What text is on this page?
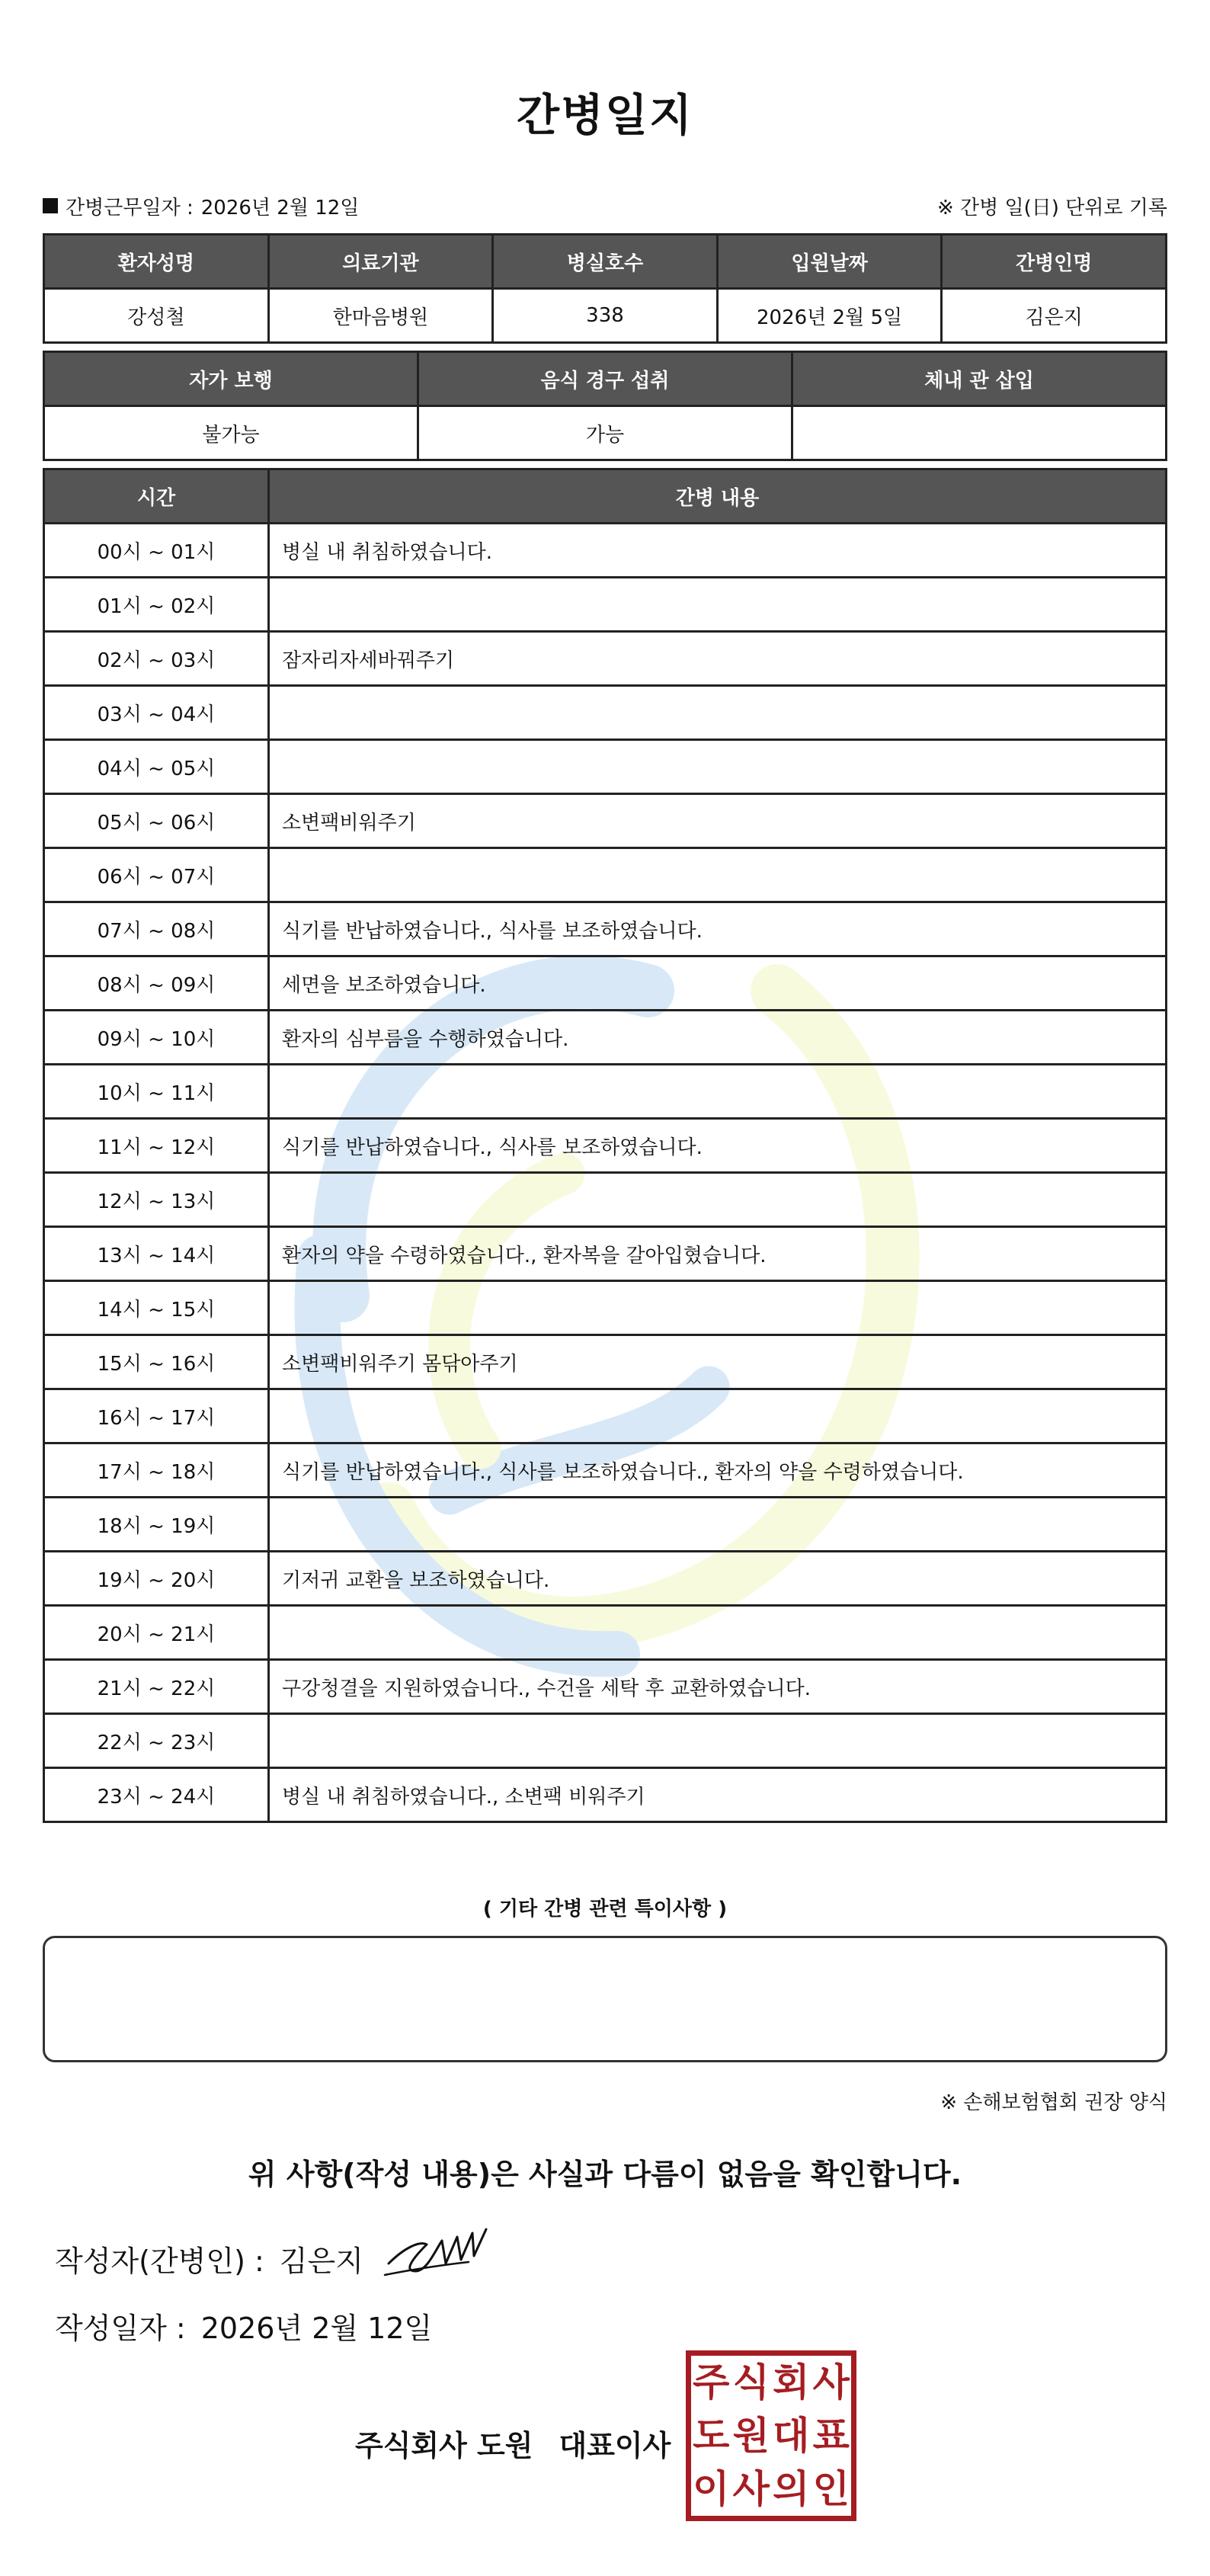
간병일지
간병근무일자 : 2026년 2월 12일	※ 간병 일(日) 단위로 기록
환자성명	의료기관	병실호수	입원날짜	간병인명
강성철	한마음병원	338	2026년 2월 5일	김은지
자가 보행	음식 경구 섭취	체내 관 삽입
불가능	가능	
시간	간병 내용
00시 ~ 01시	병실 내 취침하였습니다.
01시 ~ 02시	
02시 ~ 03시	잠자리자세바꿔주기
03시 ~ 04시	
04시 ~ 05시	
05시 ~ 06시	소변팩비워주기
06시 ~ 07시	
07시 ~ 08시	식기를 반납하였습니다., 식사를 보조하였습니다.
08시 ~ 09시	세면을 보조하였습니다.
09시 ~ 10시	환자의 심부름을 수행하였습니다.
10시 ~ 11시	
11시 ~ 12시	식기를 반납하였습니다., 식사를 보조하였습니다.
12시 ~ 13시	
13시 ~ 14시	환자의 약을 수령하였습니다., 환자복을 갈아입혔습니다.
14시 ~ 15시	
15시 ~ 16시	소변팩비워주기 몸닦아주기
16시 ~ 17시	
17시 ~ 18시	식기를 반납하였습니다., 식사를 보조하였습니다., 환자의 약을 수령하였습니다.
18시 ~ 19시	
19시 ~ 20시	기저귀 교환을 보조하였습니다.
20시 ~ 21시	
21시 ~ 22시	구강청결을 지원하였습니다., 수건을 세탁 후 교환하였습니다.
22시 ~ 23시	
23시 ~ 24시	병실 내 취침하였습니다., 소변팩 비워주기
( 기타 간병 관련 특이사항 )
※ 손해보험협회 권장 양식
위 사항(작성 내용)은 사실과 다름이 없음을 확인합니다.
작성자(간병인) : 김은지
작성일자 : 2026년 2월 12일
주식회사 도원 대표이사
주 식 회 사
도 원 대 표
이 사 의 인
